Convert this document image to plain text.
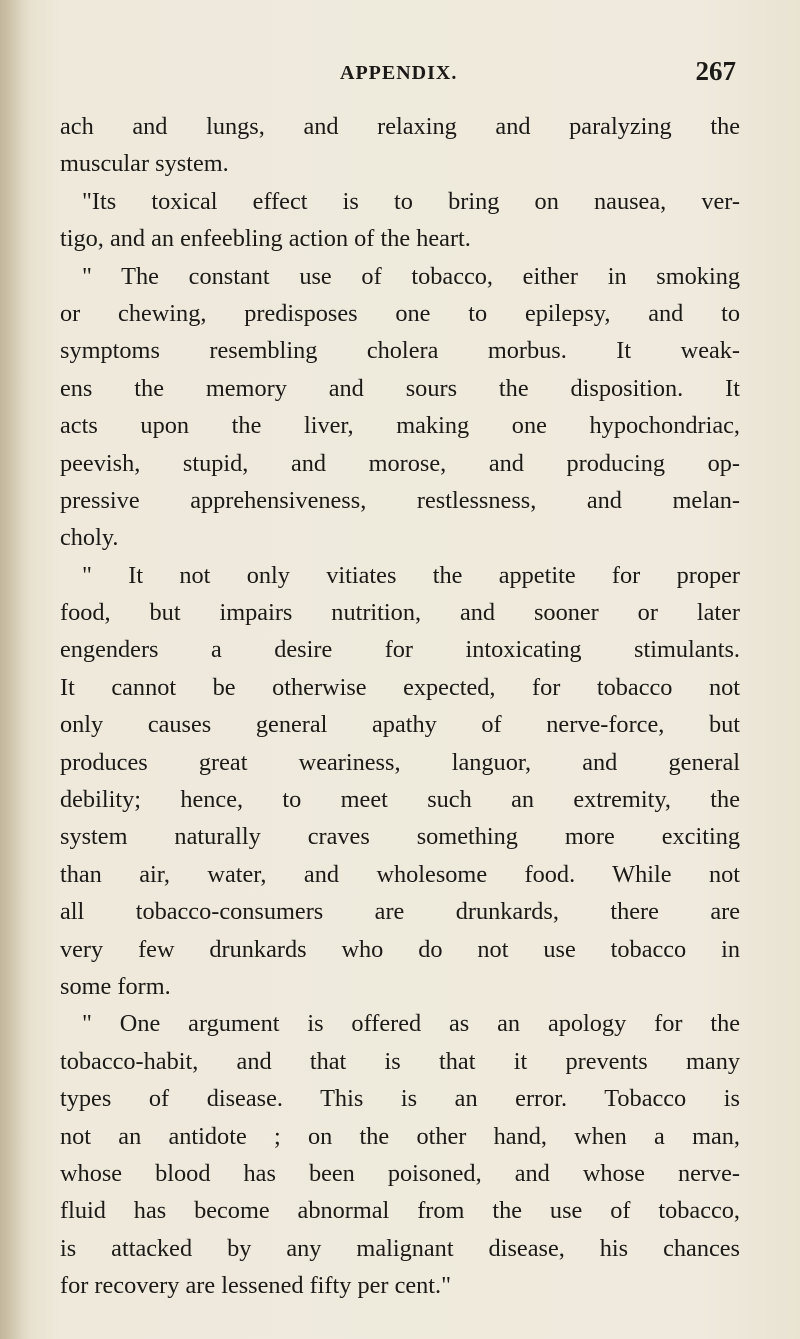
APPENDIX.	267
ach and lungs, and relaxing and paralyzing the
muscular system.
"Its toxical effect is to bring on nausea, ver-
tigo, and an enfeebling action of the heart.
" The constant use of tobacco, either in smoking
or chewing, predisposes one to epilepsy, and to
symptoms resembling cholera morbus. It weak-
ens the memory and sours the disposition. It
acts upon the liver, making one hypochondriac,
peevish, stupid, and morose, and producing op-
pressive apprehensiveness, restlessness, and melan-
choly.
" It not only vitiates the appetite for proper
food, but impairs nutrition, and sooner or later
engenders a desire for intoxicating stimulants.
It cannot be otherwise expected, for tobacco not
only causes general apathy of nerve-force, but
produces great weariness, languor, and general
debility; hence, to meet such an extremity, the
system naturally craves something more exciting
than air, water, and wholesome food. While not
all tobacco-consumers are drunkards, there are
very few drunkards who do not use tobacco in
some form.
" One argument is offered as an apology for the
tobacco-habit, and that is that it prevents many
types of disease. This is an error. Tobacco is
not an antidote ; on the other hand, when a man,
whose blood has been poisoned, and whose nerve-
fluid has become abnormal from the use of tobacco,
is attacked by any malignant disease, his chances
for recovery are lessened fifty per cent."
